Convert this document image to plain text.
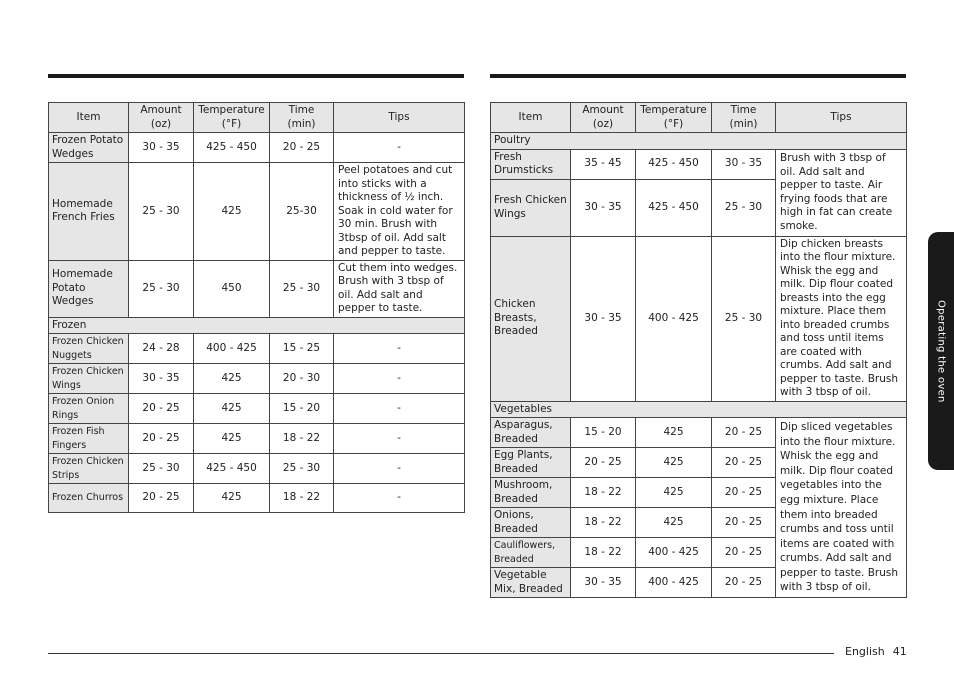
Item	Amount (oz)	Temperature (°F)	Time (min)	Tips
Frozen Potato Wedges	30 - 35	425 - 450	20 - 25	-
Homemade French Fries	25 - 30	425	25-30	Peel potatoes and cut into sticks with a thickness of ½ inch. Soak in cold water for 30 min. Brush with 3tbsp of oil. Add salt and pepper to taste.
Homemade Potato Wedges	25 - 30	450	25 - 30	Cut them into wedges. Brush with 3 tbsp of oil. Add salt and pepper to taste.
Frozen				
Frozen Chicken Nuggets	24 - 28	400 - 425	15 - 25	-
Frozen Chicken Wings	30 - 35	425	20 - 30	-
Frozen Onion Rings	20 - 25	425	15 - 20	-
Frozen Fish Fingers	20 - 25	425	18 - 22	-
Frozen Chicken Strips	25 - 30	425 - 450	25 - 30	-
Frozen Churros	20 - 25	425	18 - 22	-
Item	Amount (oz)	Temperature (°F)	Time (min)	Tips
Poultry				
Fresh Drumsticks	35 - 45	425 - 450	30 - 35	Brush with 3 tbsp of oil. Add salt and pepper to taste. Air frying foods that are high in fat can create smoke.
Fresh Chicken Wings	30 - 35	425 - 450	25 - 30	
Chicken Breasts, Breaded	30 - 35	400 - 425	25 - 30	Dip chicken breasts into the flour mixture. Whisk the egg and milk. Dip flour coated breasts into the egg mixture. Place them into breaded crumbs and toss until items are coated with crumbs. Add salt and pepper to taste. Brush with 3 tbsp of oil.
Vegetables				
Asparagus, Breaded	15 - 20	425	20 - 25	Dip sliced vegetables into the flour mixture. Whisk the egg and milk. Dip flour coated vegetables into the egg mixture. Place them into breaded crumbs and toss until items are coated with crumbs. Add salt and pepper to taste. Brush with 3 tbsp of oil.
Egg Plants, Breaded	20 - 25	425	20 - 25	
Mushroom, Breaded	18 - 22	425	20 - 25	
Onions, Breaded	18 - 22	425	20 - 25	
Cauliflowers, Breaded	18 - 22	400 - 425	20 - 25	
Vegetable Mix, Breaded	30 - 35	400 - 425	20 - 25	
Operating the oven
English 41
